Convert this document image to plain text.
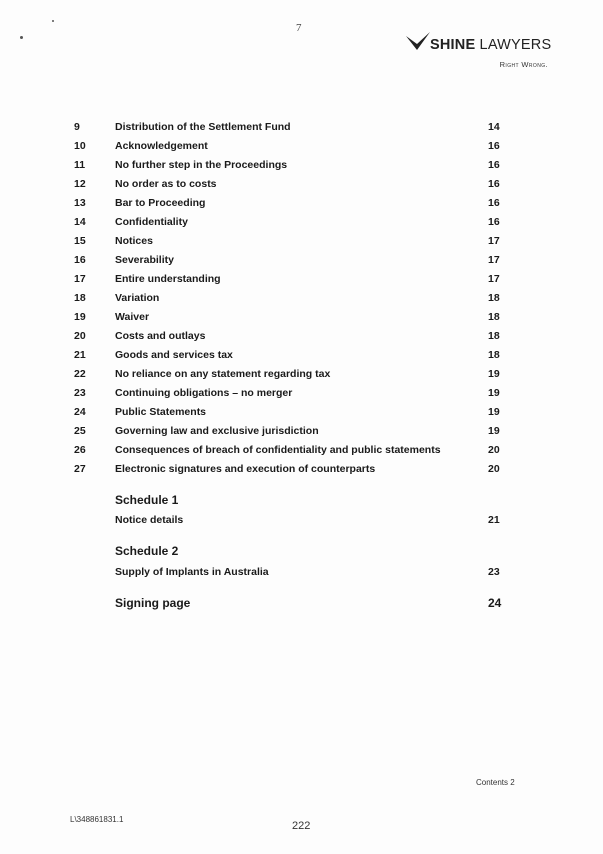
7
SHINE LAWYERS
Right Wrong.
9	Distribution of the Settlement Fund	14
10	Acknowledgement	16
11	No further step in the Proceedings	16
12	No order as to costs	16
13	Bar to Proceeding	16
14	Confidentiality	16
15	Notices	17
16	Severability	17
17	Entire understanding	17
18	Variation	18
19	Waiver	18
20	Costs and outlays	18
21	Goods and services tax	18
22	No reliance on any statement regarding tax	19
23	Continuing obligations – no merger	19
24	Public Statements	19
25	Governing law and exclusive jurisdiction	19
26	Consequences of breach of confidentiality and public statements	20
27	Electronic signatures and execution of counterparts	20
Schedule 1
Notice details	21
Schedule 2
Supply of Implants in Australia	23
Signing page	24
Contents 2
L\348861831.1
222
